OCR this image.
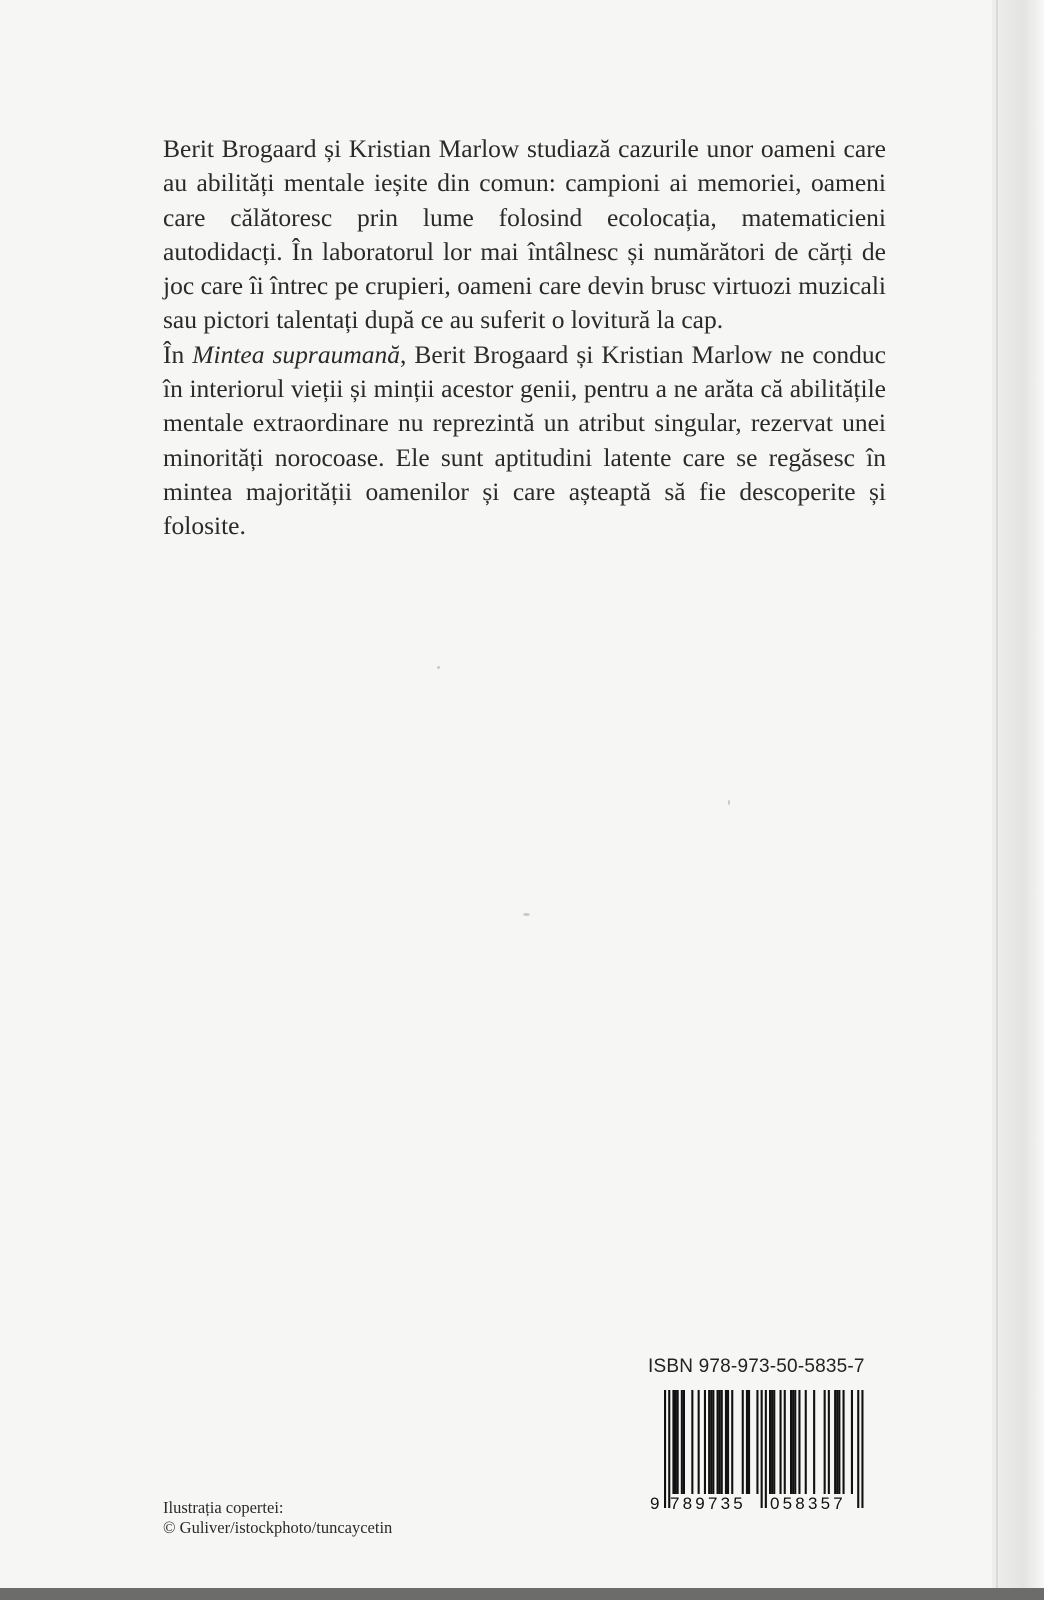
Berit Brogaard și Kristian Marlow studiază cazurile unor oameni care au abilități mentale ieșite din comun: campioni ai memoriei, oameni care călătoresc prin lume folosind ecolocația, matematicieni autodidacți. În laboratorul lor mai întâlnesc și numărători de cărți de joc care îi întrec pe crupieri, oameni care devin brusc virtuozi muzicali sau pictori talentați după ce au suferit o lovitură la cap.

În Mintea supraumană, Berit Brogaard și Kristian Marlow ne conduc în interiorul vieții și minții acestor genii, pentru a ne arăta că abilitățile mentale extraordinare nu reprezintă un atribut singular, rezervat unei minorități norocoase. Ele sunt aptitudini latente care se regăsesc în mintea majorității oamenilor și care așteaptă să fie descoperite și folosite.

ISBN 978-973-50-5835-7
9 789735 058357
Ilustrația copertei:
© Guliver/istockphoto/tuncaycetin
